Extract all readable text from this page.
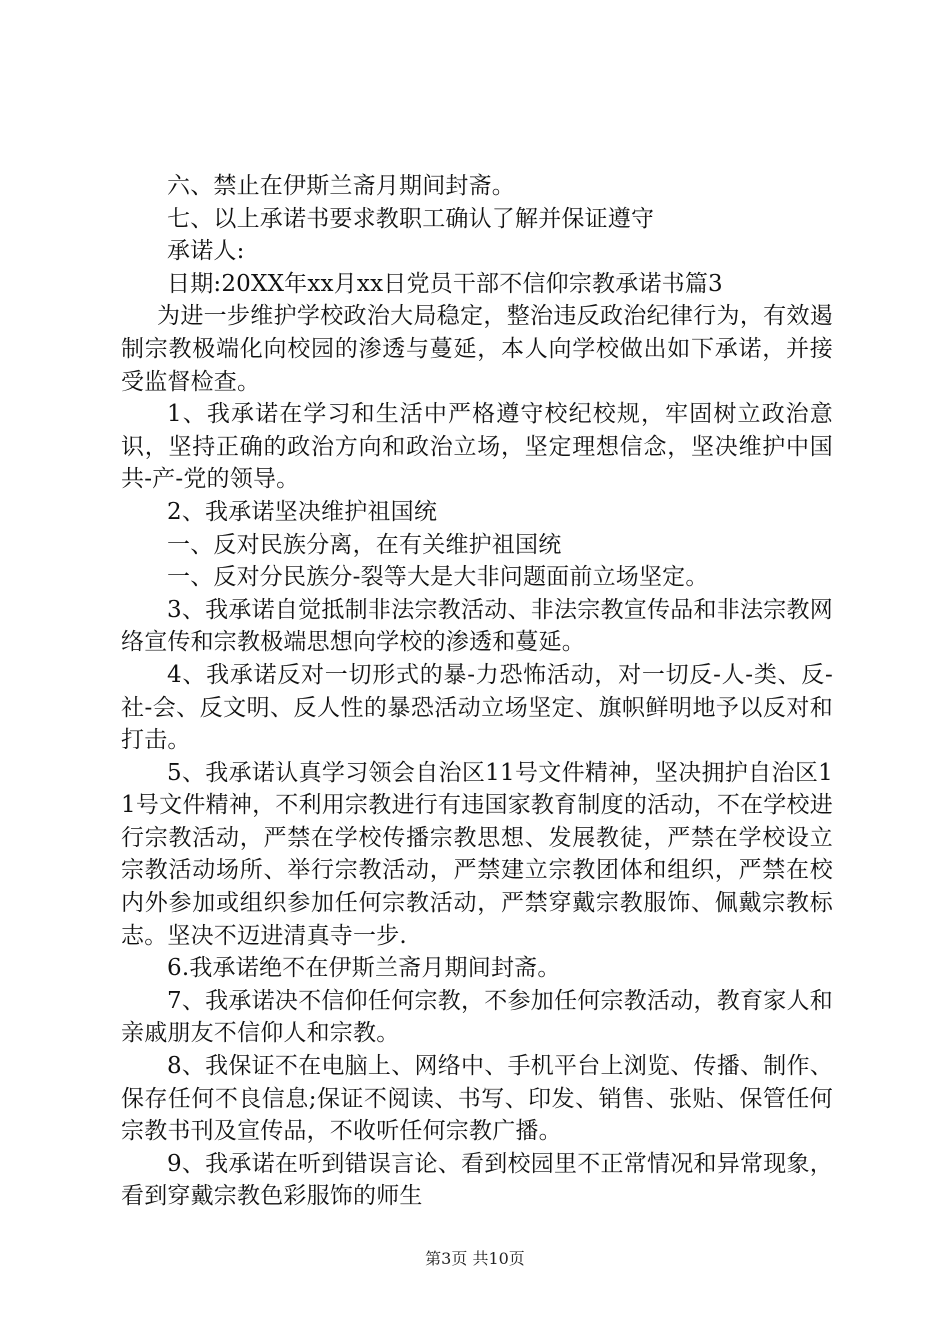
六、禁止在伊斯兰斋月期间封斋。

七、以上承诺书要求教职工确认了解并保证遵守

承诺人:

日期:20XX年xx月xx日党员干部不信仰宗教承诺书篇3

为进一步维护学校政治大局稳定，整治违反政治纪律行为，有效遏制宗教极端化向校园的渗透与蔓延，本人向学校做出如下承诺，并接受监督检查。

1、我承诺在学习和生活中严格遵守校纪校规，牢固树立政治意识，坚持正确的政治方向和政治立场，坚定理想信念，坚决维护中国共-产-党的领导。

2、我承诺坚决维护祖国统

一、反对民族分离，在有关维护祖国统

一、反对分民族分-裂等大是大非问题面前立场坚定。

3、我承诺自觉抵制非法宗教活动、非法宗教宣传品和非法宗教网络宣传和宗教极端思想向学校的渗透和蔓延。

4、我承诺反对一切形式的暴-力恐怖活动，对一切反-人-类、反-社-会、反文明、反人性的暴恐活动立场坚定、旗帜鲜明地予以反对和打击。

5、我承诺认真学习领会自治区11号文件精神，坚决拥护自治区11号文件精神，不利用宗教进行有违国家教育制度的活动，不在学校进行宗教活动，严禁在学校传播宗教思想、发展教徒，严禁在学校设立宗教活动场所、举行宗教活动，严禁建立宗教团体和组织，严禁在校内外参加或组织参加任何宗教活动，严禁穿戴宗教服饰、佩戴宗教标志。坚决不迈进清真寺一步.

6.我承诺绝不在伊斯兰斋月期间封斋。

7、我承诺决不信仰任何宗教，不参加任何宗教活动，教育家人和亲戚朋友不信仰人和宗教。

8、我保证不在电脑上、网络中、手机平台上浏览、传播、制作、保存任何不良信息;保证不阅读、书写、印发、销售、张贴、保管任何宗教书刊及宣传品，不收听任何宗教广播。

9、我承诺在听到错误言论、看到校园里不正常情况和异常现象，看到穿戴宗教色彩服饰的师生

第3页 共10页
